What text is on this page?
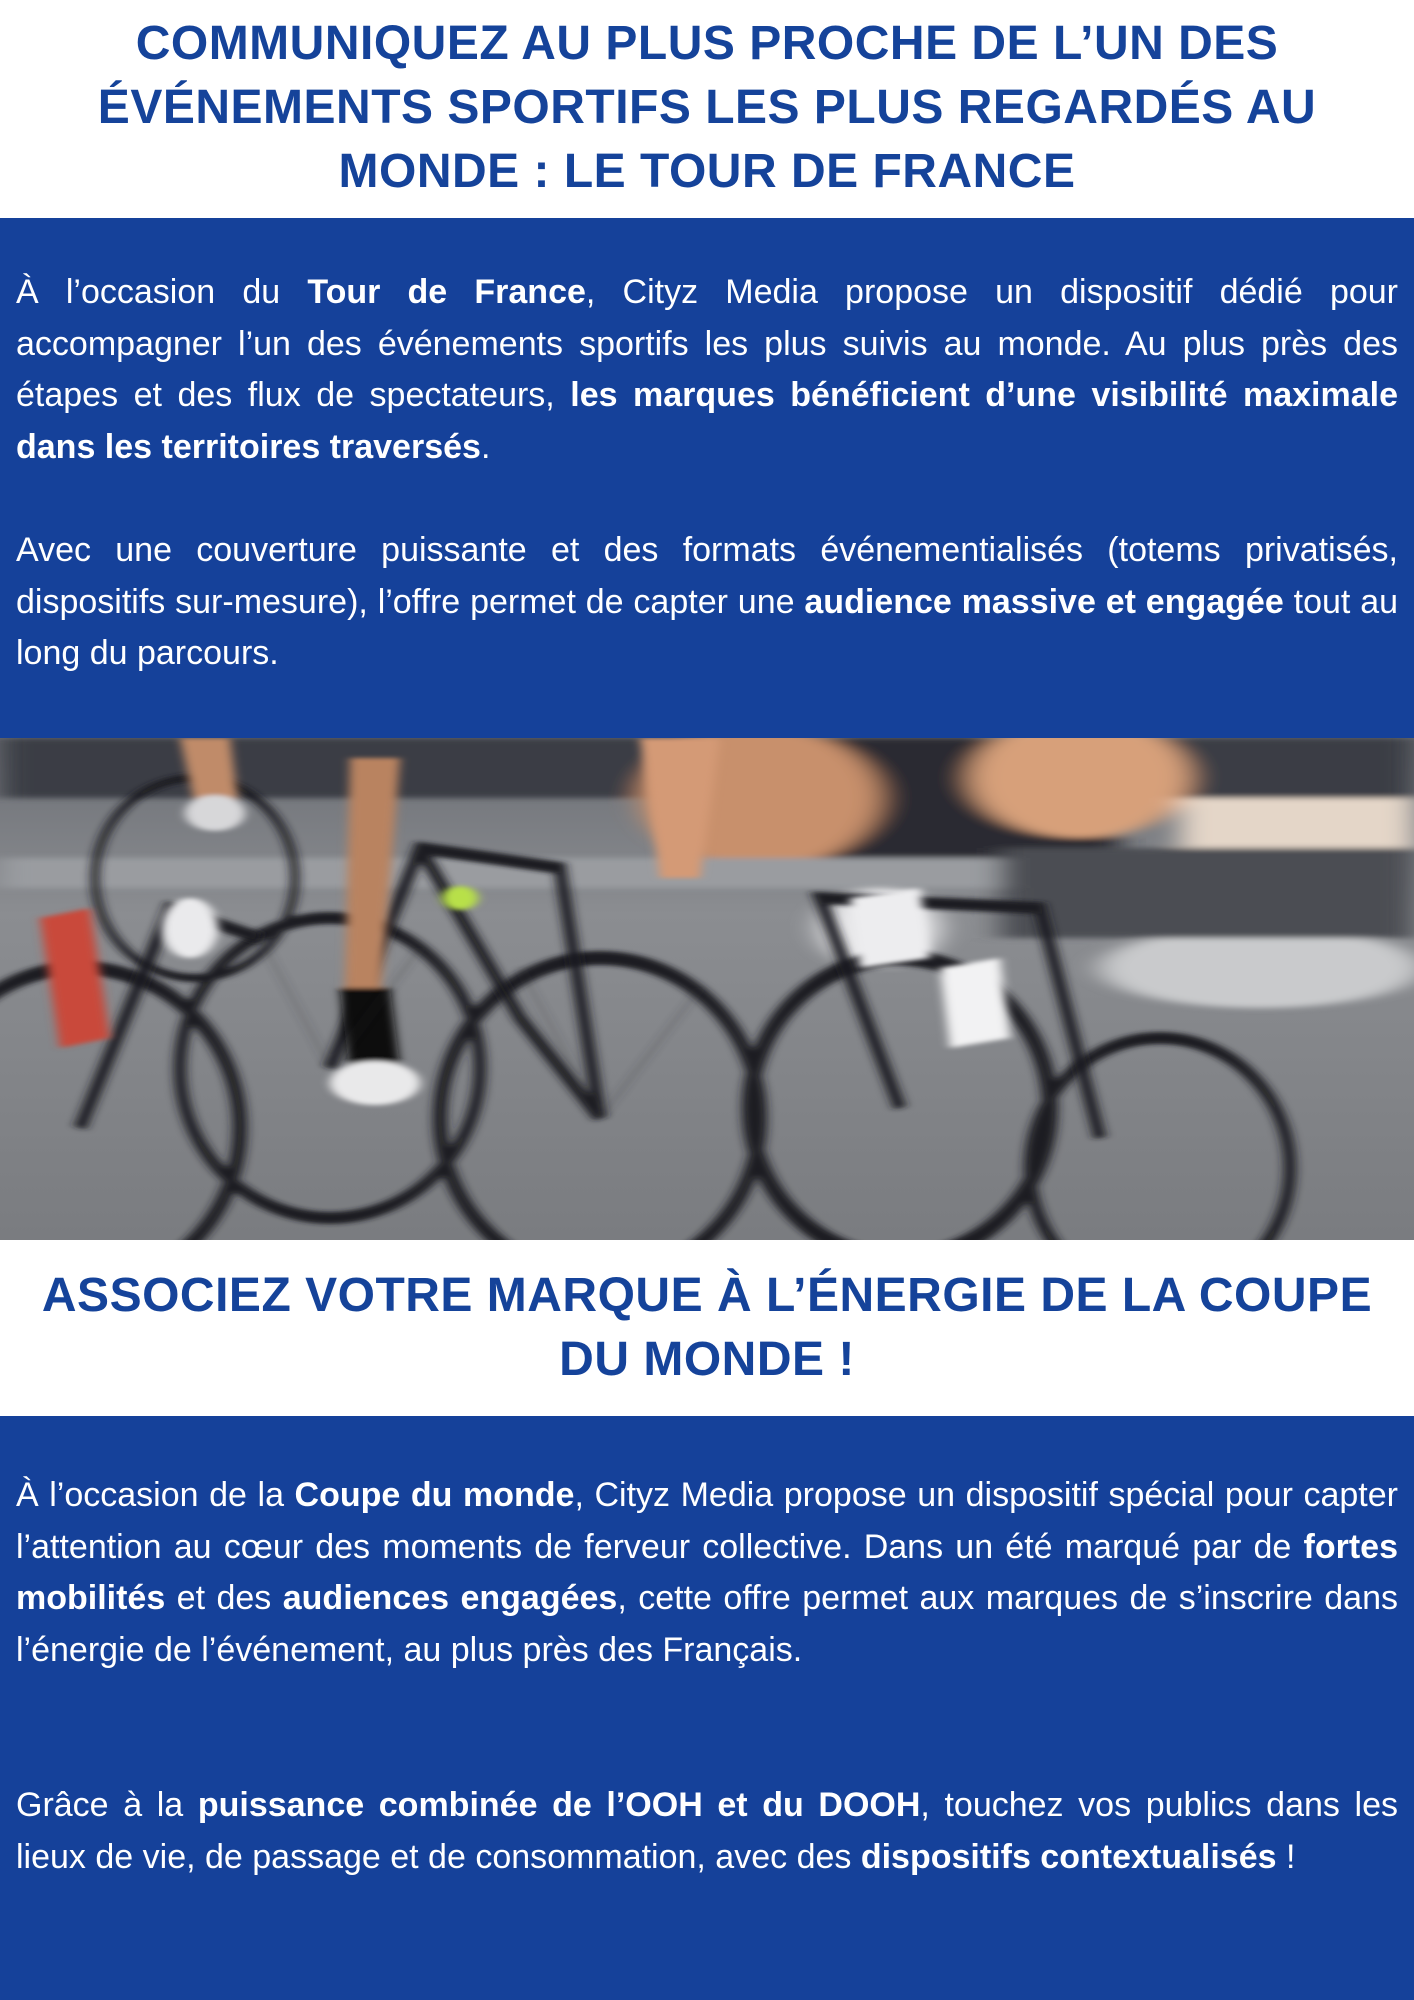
COMMUNIQUEZ AU PLUS PROCHE DE L’UN DES ÉVÉNEMENTS SPORTIFS LES PLUS REGARDÉS AU MONDE : LE TOUR DE FRANCE

À l’occasion du Tour de France, Cityz Media propose un dispositif dédié pour accompagner l’un des événements sportifs les plus suivis au monde. Au plus près des étapes et des flux de spectateurs, les marques bénéficient d’une visibilité maximale dans les territoires traversés.

Avec une couverture puissante et des formats événementialisés (totems privatisés, dispositifs sur-mesure), l’offre permet de capter une audience massive et engagée tout au long du parcours.

ASSOCIEZ VOTRE MARQUE À L’ÉNERGIE DE LA COUPE DU MONDE !

À l’occasion de la Coupe du monde, Cityz Media propose un dispositif spécial pour capter l’attention au cœur des moments de ferveur collective. Dans un été marqué par de fortes mobilités et des audiences engagées, cette offre permet aux marques de s’inscrire dans l’énergie de l’événement, au plus près des Français.

Grâce à la puissance combinée de l’OOH et du DOOH, touchez vos publics dans les lieux de vie, de passage et de consommation, avec des dispositifs contextualisés !
